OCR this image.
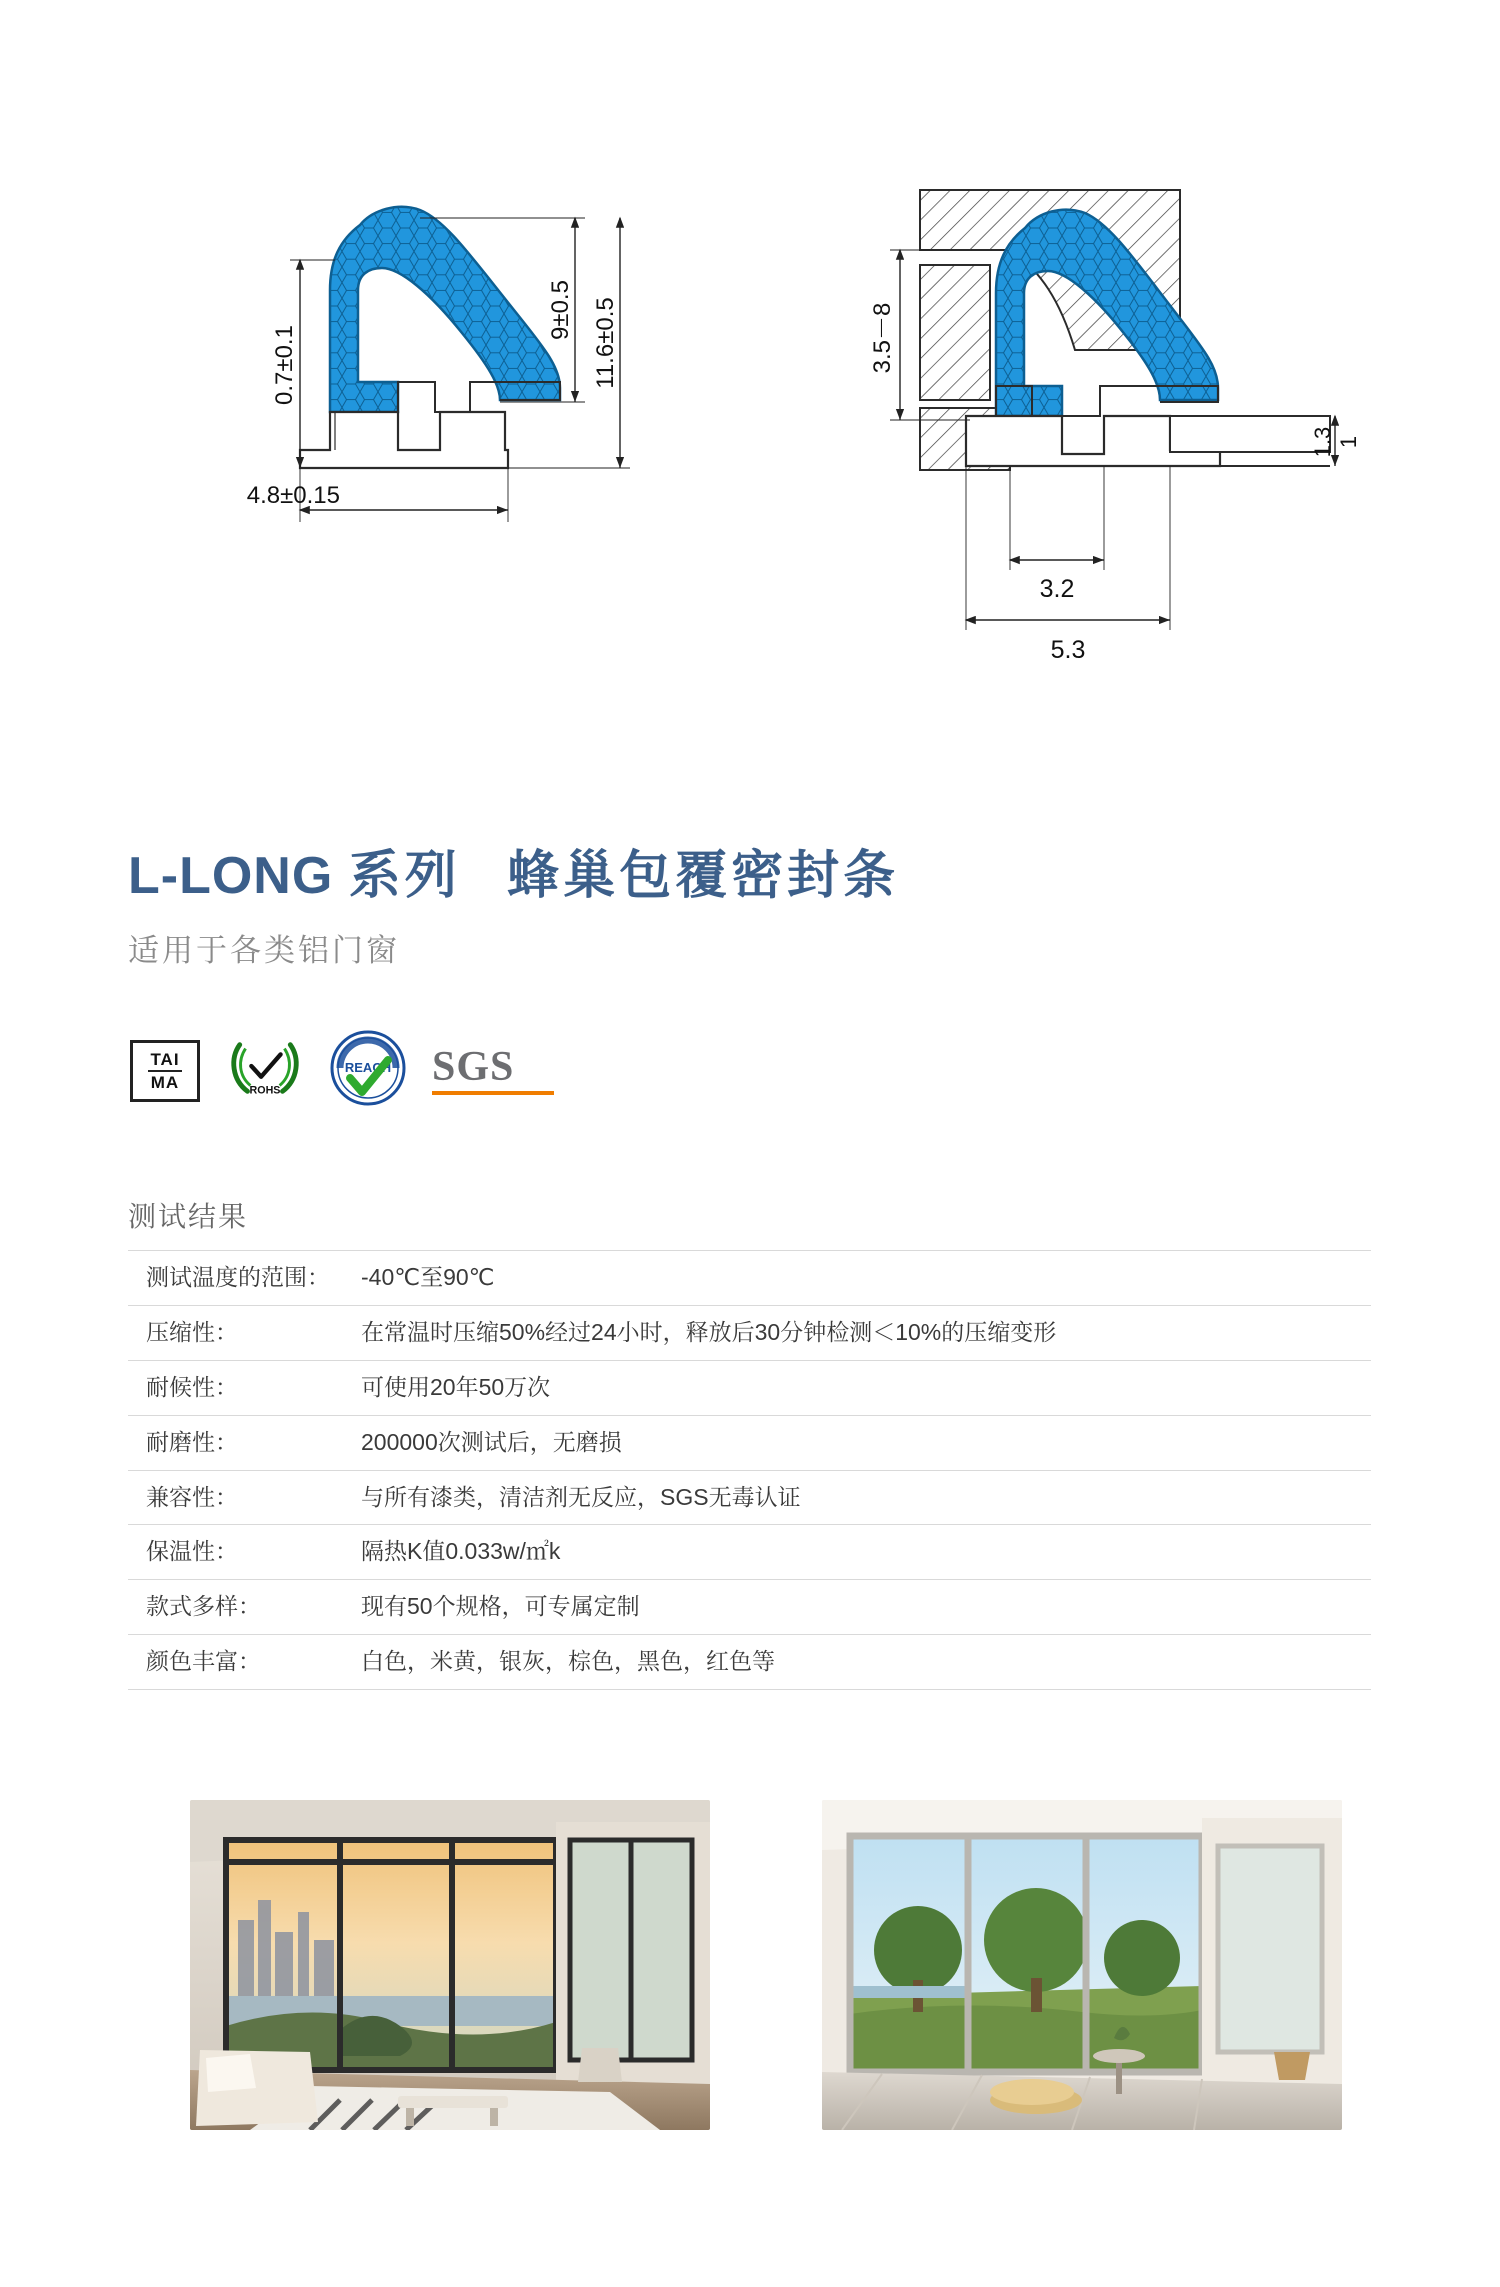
9±0.5 11.6±0.5
0.7±0.1
4.8±0.15
3.5－8
1.3 1
3.2
5.3
L-LONG 系列 蜂巢包覆密封条
适用于各类铝门窗
TAI
MA	ROHS
REACH SGS
测试结果
测试温度的范围：	-40℃至90℃
压缩性：	在常温时压缩50%经过24小时，释放后30分钟检测＜10%的压缩变形
耐候性：	可使用20年50万次
耐磨性：	200000次测试后，无磨损
兼容性：	与所有漆类，清洁剂无反应，SGS无毒认证
保温性：	隔热K值0.033w/㎡k
款式多样：	现有50个规格，可专属定制
颜色丰富：	白色，米黄，银灰，棕色，黑色，红色等
